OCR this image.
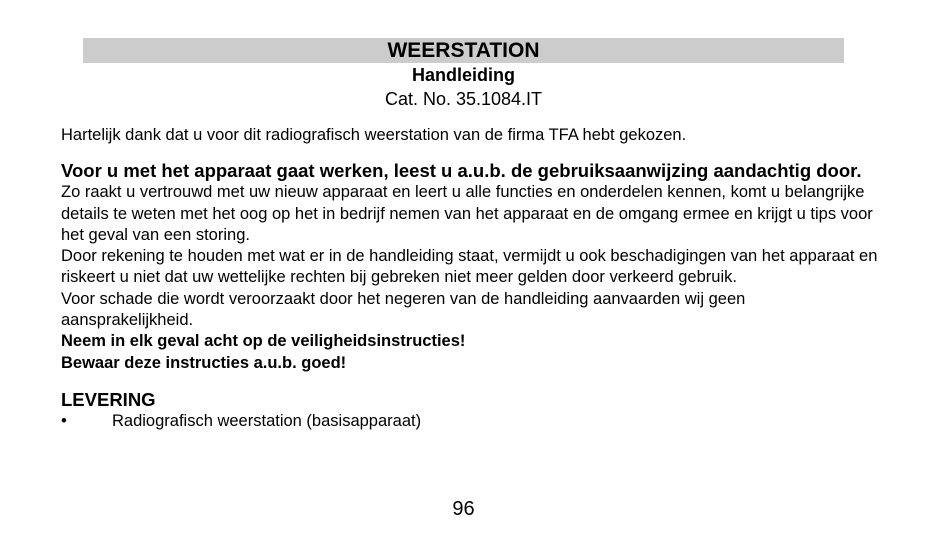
WEERSTATION
Handleiding
Cat. No. 35.1084.IT

Hartelijk dank dat u voor dit radiografisch weerstation van de firma TFA hebt gekozen.

Voor u met het apparaat gaat werken, leest u a.u.b. de gebruiksaanwijzing aandachtig door.

Zo raakt u vertrouwd met uw nieuw apparaat en leert u alle functies en onderdelen kennen, komt u belangrijke details te weten met het oog op het in bedrijf nemen van het apparaat en de omgang ermee en krijgt u tips voor het geval van een storing.

Door rekening te houden met wat er in de handleiding staat, vermijdt u ook beschadigingen van het apparaat en riskeert u niet dat uw wettelijke rechten bij gebreken niet meer gelden door verkeerd gebruik.

Voor schade die wordt veroorzaakt door het negeren van de handleiding aanvaarden wij geen aansprakelijkheid.

Neem in elk geval acht op de veiligheidsinstructies!

Bewaar deze instructies a.u.b. goed!

LEVERING

•	Radiografisch weerstation (basisapparaat)
96
